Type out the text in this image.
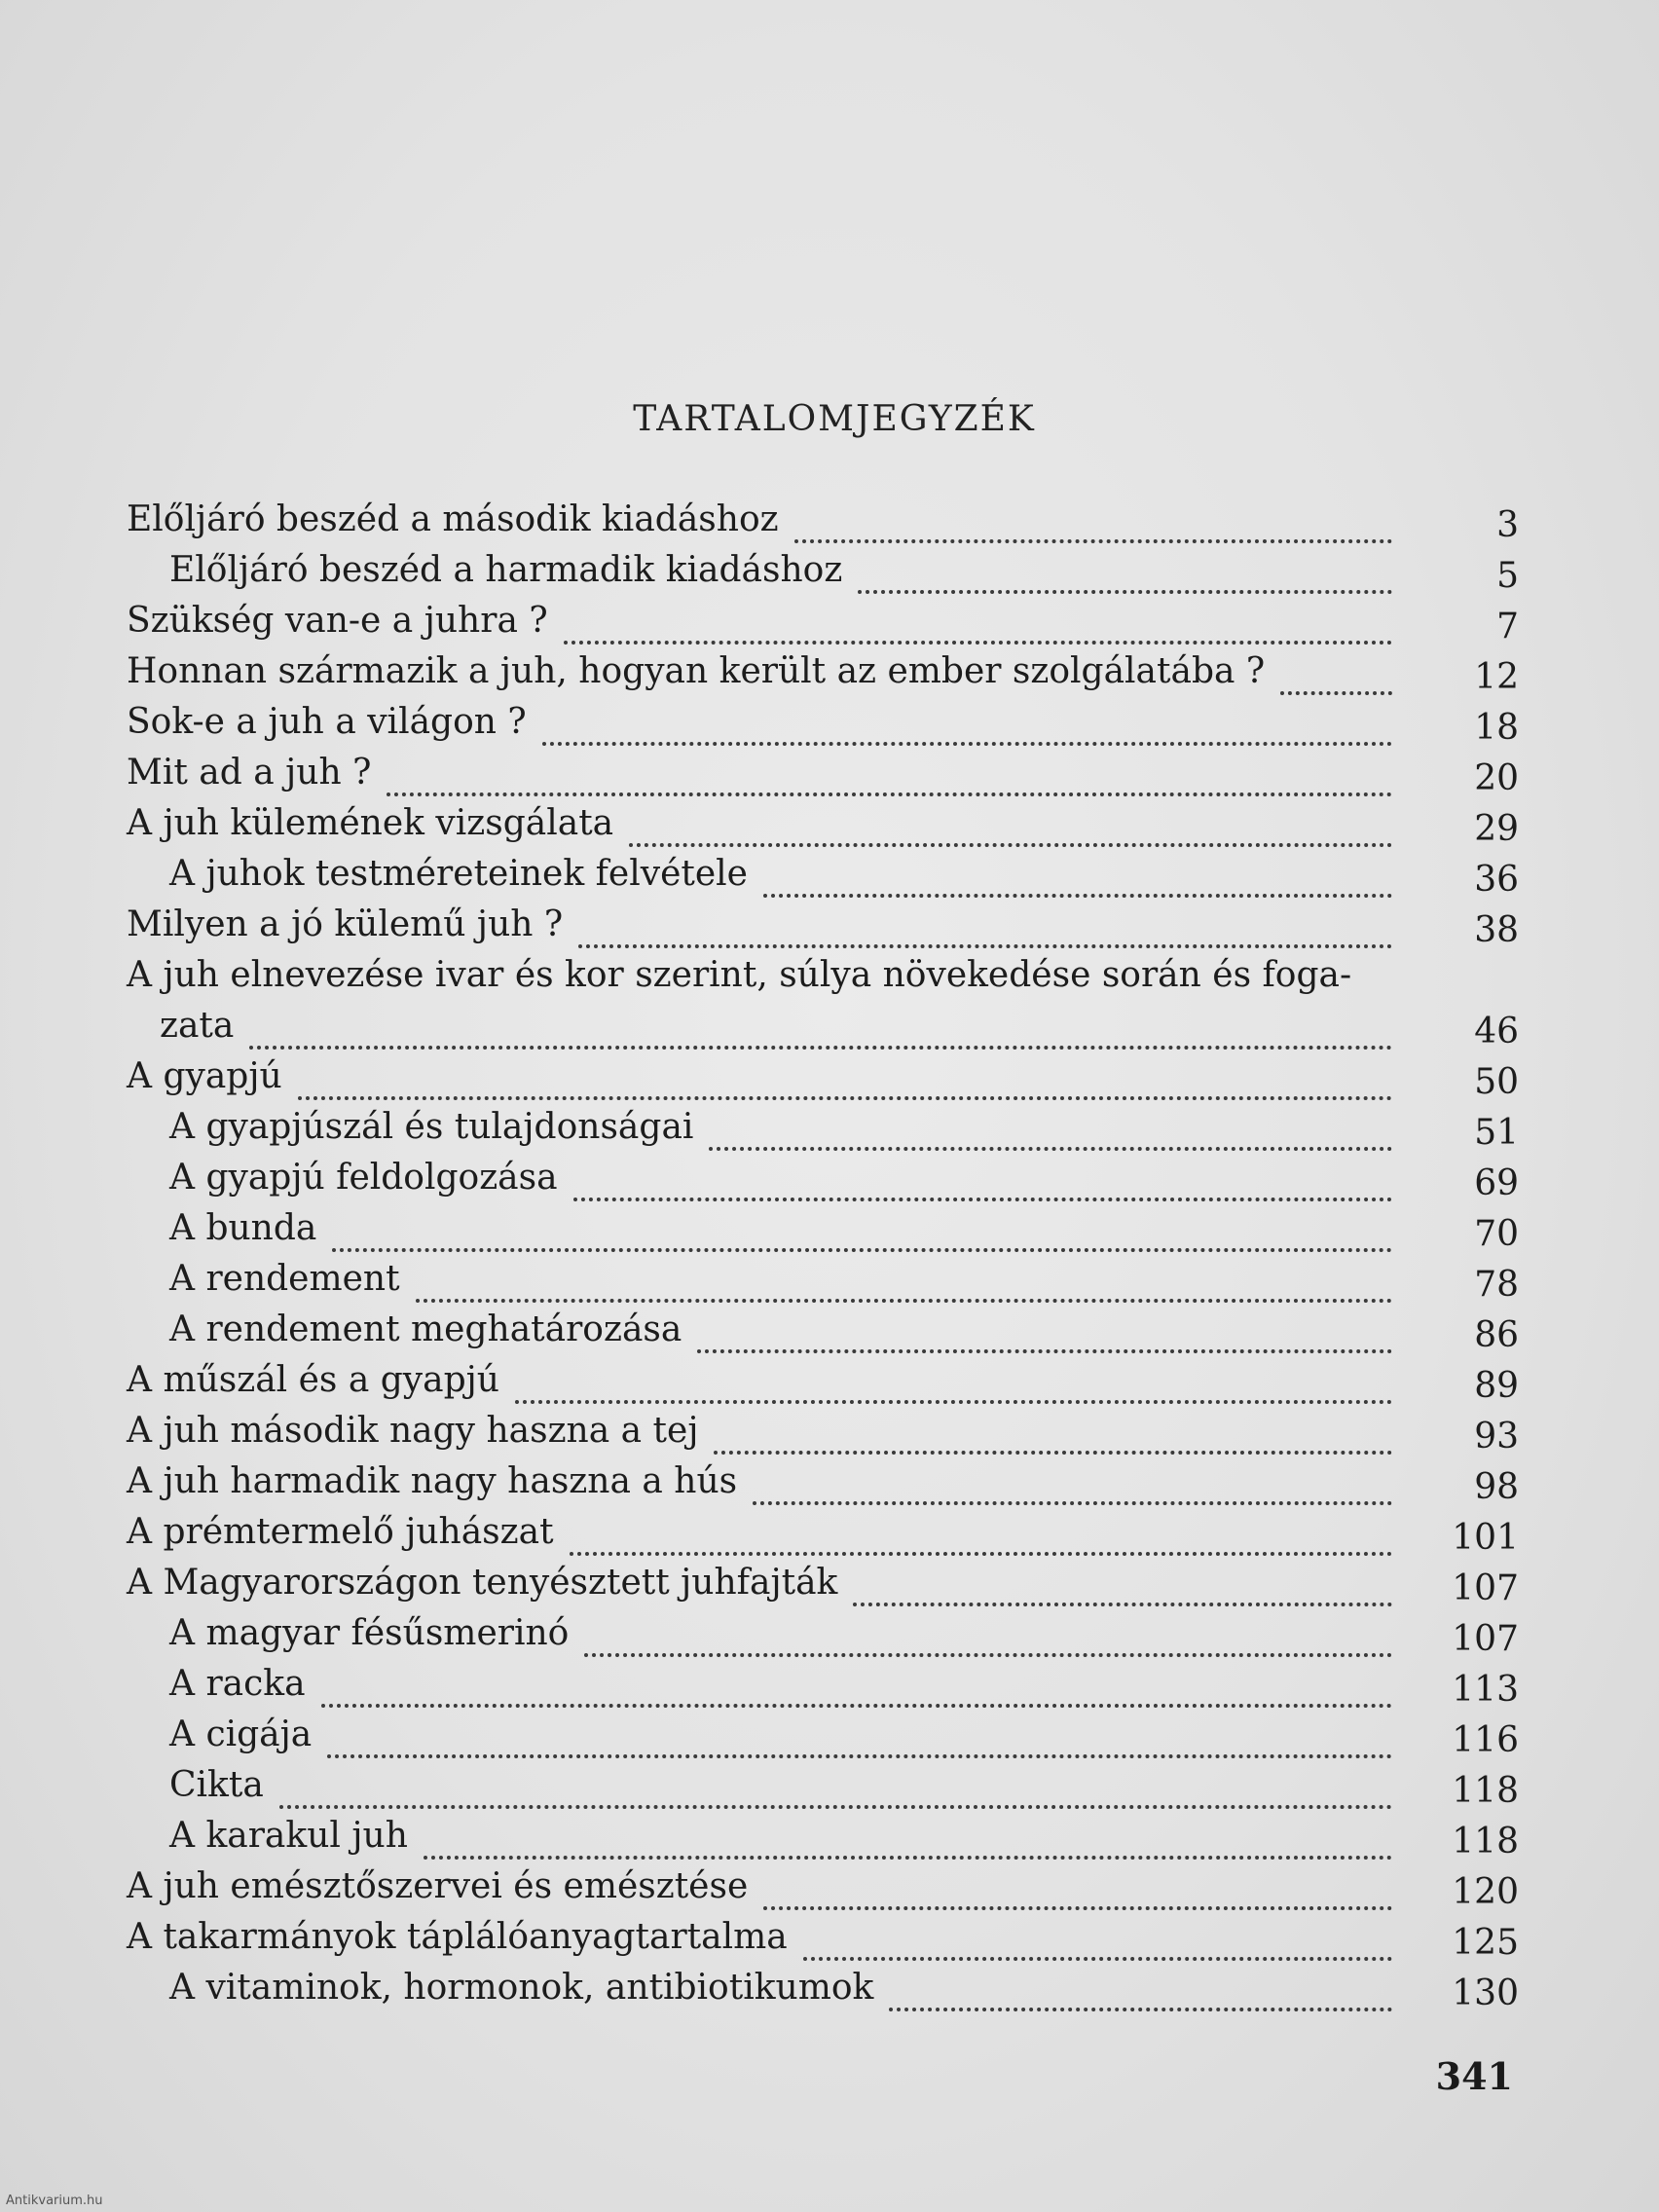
TARTALOMJEGYZÉK
Előljáró beszéd a második kiadáshoz	3
Előljáró beszéd a harmadik kiadáshoz	5
Szükség van-e a juhra ?	7
Honnan származik a juh, hogyan került az ember szolgálatába ?	12
Sok-e a juh a világon ?	18
Mit ad a juh ?	20
A juh külemének vizsgálata	29
A juhok testméreteinek felvétele	36
Milyen a jó külemű juh ?	38
A juh elnevezése ivar és kor szerint, súlya növekedése során és foga-
zata	46
A gyapjú	50
A gyapjúszál és tulajdonságai	51
A gyapjú feldolgozása	69
A bunda	70
A rendement	78
A rendement meghatározása	86
A műszál és a gyapjú	89
A juh második nagy haszna a tej	93
A juh harmadik nagy haszna a hús	98
A prémtermelő juhászat	101
A Magyarországon tenyésztett juhfajták	107
A magyar fésűsmerinó	107
A racka	113
A cigája	116
Cikta	118
A karakul juh	118
A juh emésztőszervei és emésztése	120
A takarmányok táplálóanyagtartalma	125
A vitaminok, hormonok, antibiotikumok	130
341
Antikvarium.hu
